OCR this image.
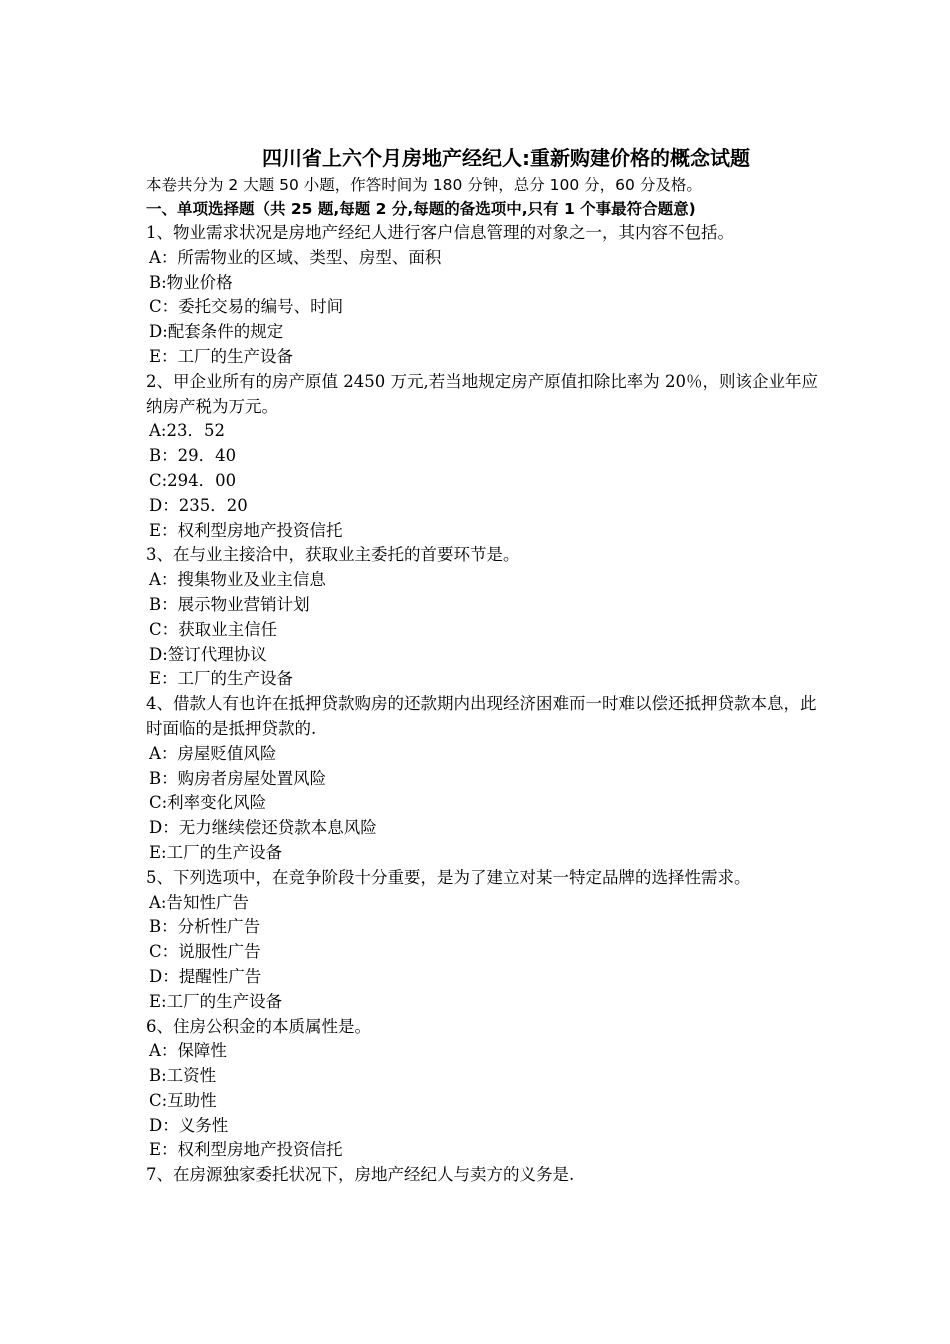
四川省上六个月房地产经纪人:重新购建价格的概念试题
本卷共分为 2 大题 50 小题，作答时间为 180 分钟，总分 100 分，60 分及格。
一、单项选择题（共 25 题,每题 2 分,每题的备选项中,只有 1 个事最符合题意)
1、物业需求状况是房地产经纪人进行客户信息管理的对象之一，其内容不包括。
A：所需物业的区域、类型、房型、面积
B:物业价格
C：委托交易的编号、时间
D:配套条件的规定
E：工厂的生产设备
2、甲企业所有的房产原值 2450 万元,若当地规定房产原值扣除比率为 20％，则该企业年应纳房产税为万元。
A:23．52
B：29．40
C:294．00
D：235．20
E：权利型房地产投资信托
3、在与业主接洽中，获取业主委托的首要环节是。
A：搜集物业及业主信息
B：展示物业营销计划
C：获取业主信任
D:签订代理协议
E：工厂的生产设备
4、借款人有也许在抵押贷款购房的还款期内出现经济困难而一时难以偿还抵押贷款本息，此时面临的是抵押贷款的.
A：房屋贬值风险
B：购房者房屋处置风险
C:利率变化风险
D：无力继续偿还贷款本息风险
E:工厂的生产设备
5、下列选项中，在竞争阶段十分重要，是为了建立对某一特定品牌的选择性需求。
A:告知性广告
B：分析性广告
C：说服性广告
D：提醒性广告
E:工厂的生产设备
6、住房公积金的本质属性是。
A：保障性
B:工资性
C:互助性
D：义务性
E：权利型房地产投资信托
7、在房源独家委托状况下，房地产经纪人与卖方的义务是.
